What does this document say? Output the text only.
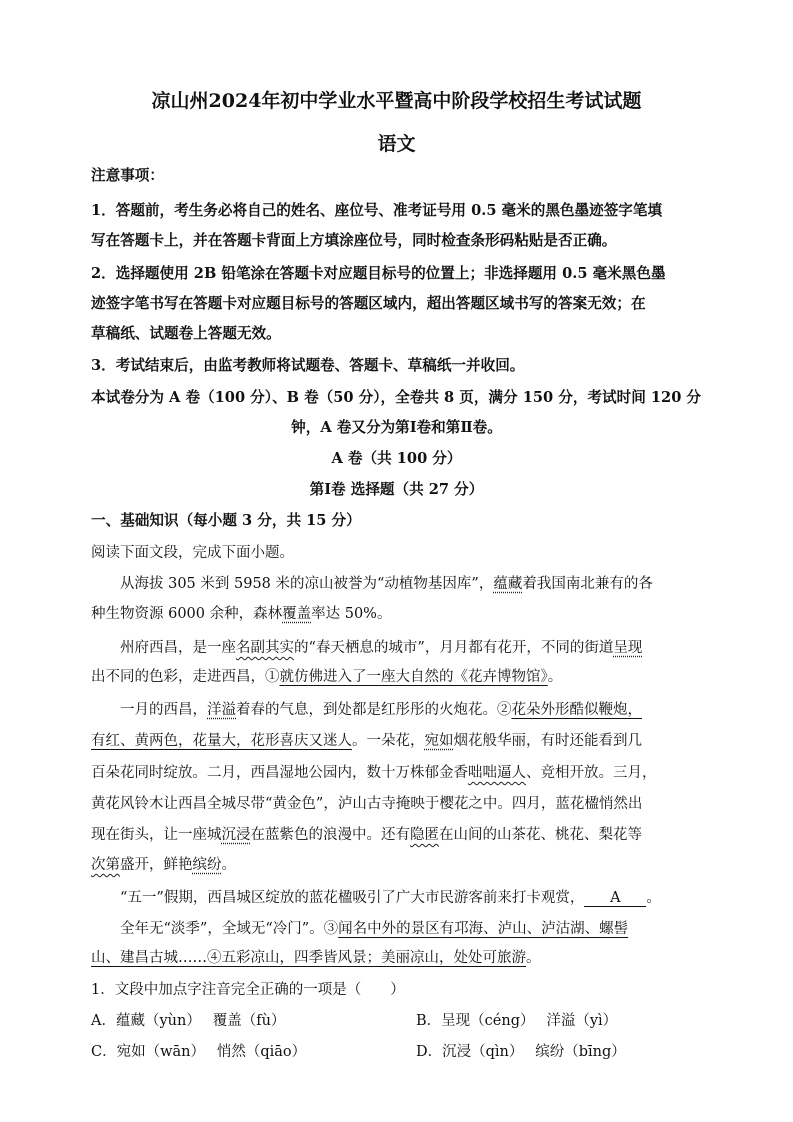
凉山州2024年初中学业水平暨高中阶段学校招生考试试题
语文
注意事项：
1．答题前，考生务必将自己的姓名、座位号、准考证号用 0.5 毫米的黑色墨迹签字笔填
写在答题卡上，并在答题卡背面上方填涂座位号，同时检查条形码粘贴是否正确。
2．选择题使用 2B 铅笔涂在答题卡对应题目标号的位置上；非选择题用 0.5 毫米黑色墨
迹签字笔书写在答题卡对应题目标号的答题区域内，超出答题区域书写的答案无效；在
草稿纸、试题卷上答题无效。
3．考试结束后，由监考教师将试题卷、答题卡、草稿纸一并收回。
本试卷分为 A 卷（100 分）、B 卷（50 分），全卷共 8 页，满分 150 分，考试时间 120 分
钟，A 卷又分为第Ⅰ卷和第Ⅱ卷。
A 卷（共 100 分）
第Ⅰ卷 选择题（共 27 分）
一、基础知识（每小题 3 分，共 15 分）
阅读下面文段，完成下面小题。
从海拔 305 米到 5958 米的凉山被誉为“动植物基因库”，蕴藏着我国南北兼有的各
种生物资源 6000 余种，森林覆盖率达 50%。
州府西昌，是一座名副其实的“春天栖息的城市”，月月都有花开，不同的街道呈现
出不同的色彩，走进西昌，①就仿佛进入了一座大自然的《花卉博物馆》。
一月的西昌，洋溢着春的气息，到处都是红彤彤的火炮花。②花朵外形酷似鞭炮，
有红、黄两色，花量大，花形喜庆又迷人。一朵花，宛如烟花般华丽，有时还能看到几
百朵花同时绽放。二月，西昌湿地公园内，数十万株郁金香咄咄逼人、竞相开放。三月，
黄花风铃木让西昌全城尽带“黄金色”，泸山古寺掩映于樱花之中。四月，蓝花楹悄然出
现在街头，让一座城沉浸在蓝紫色的浪漫中。还有隐匿在山间的山茶花、桃花、梨花等
次第盛开，鲜艳缤纷。
“五一”假期，西昌城区绽放的蓝花楹吸引了广大市民游客前来打卡观赏， A 。
全年无“淡季”，全域无“冷门”。③闻名中外的景区有邛海、泸山、泸沽湖、螺髻
山、建昌古城……④五彩凉山，四季皆风景；美丽凉山，处处可旅游。
1．文段中加点字注音完全正确的一项是（　　）
A．蕴藏（yùn）　 覆盖（fù）	B．呈现（céng）　 洋溢（yì）
C．宛如（wān）　 悄然（qiāo）	D．沉浸（qìn）　 缤纷（bīng）
